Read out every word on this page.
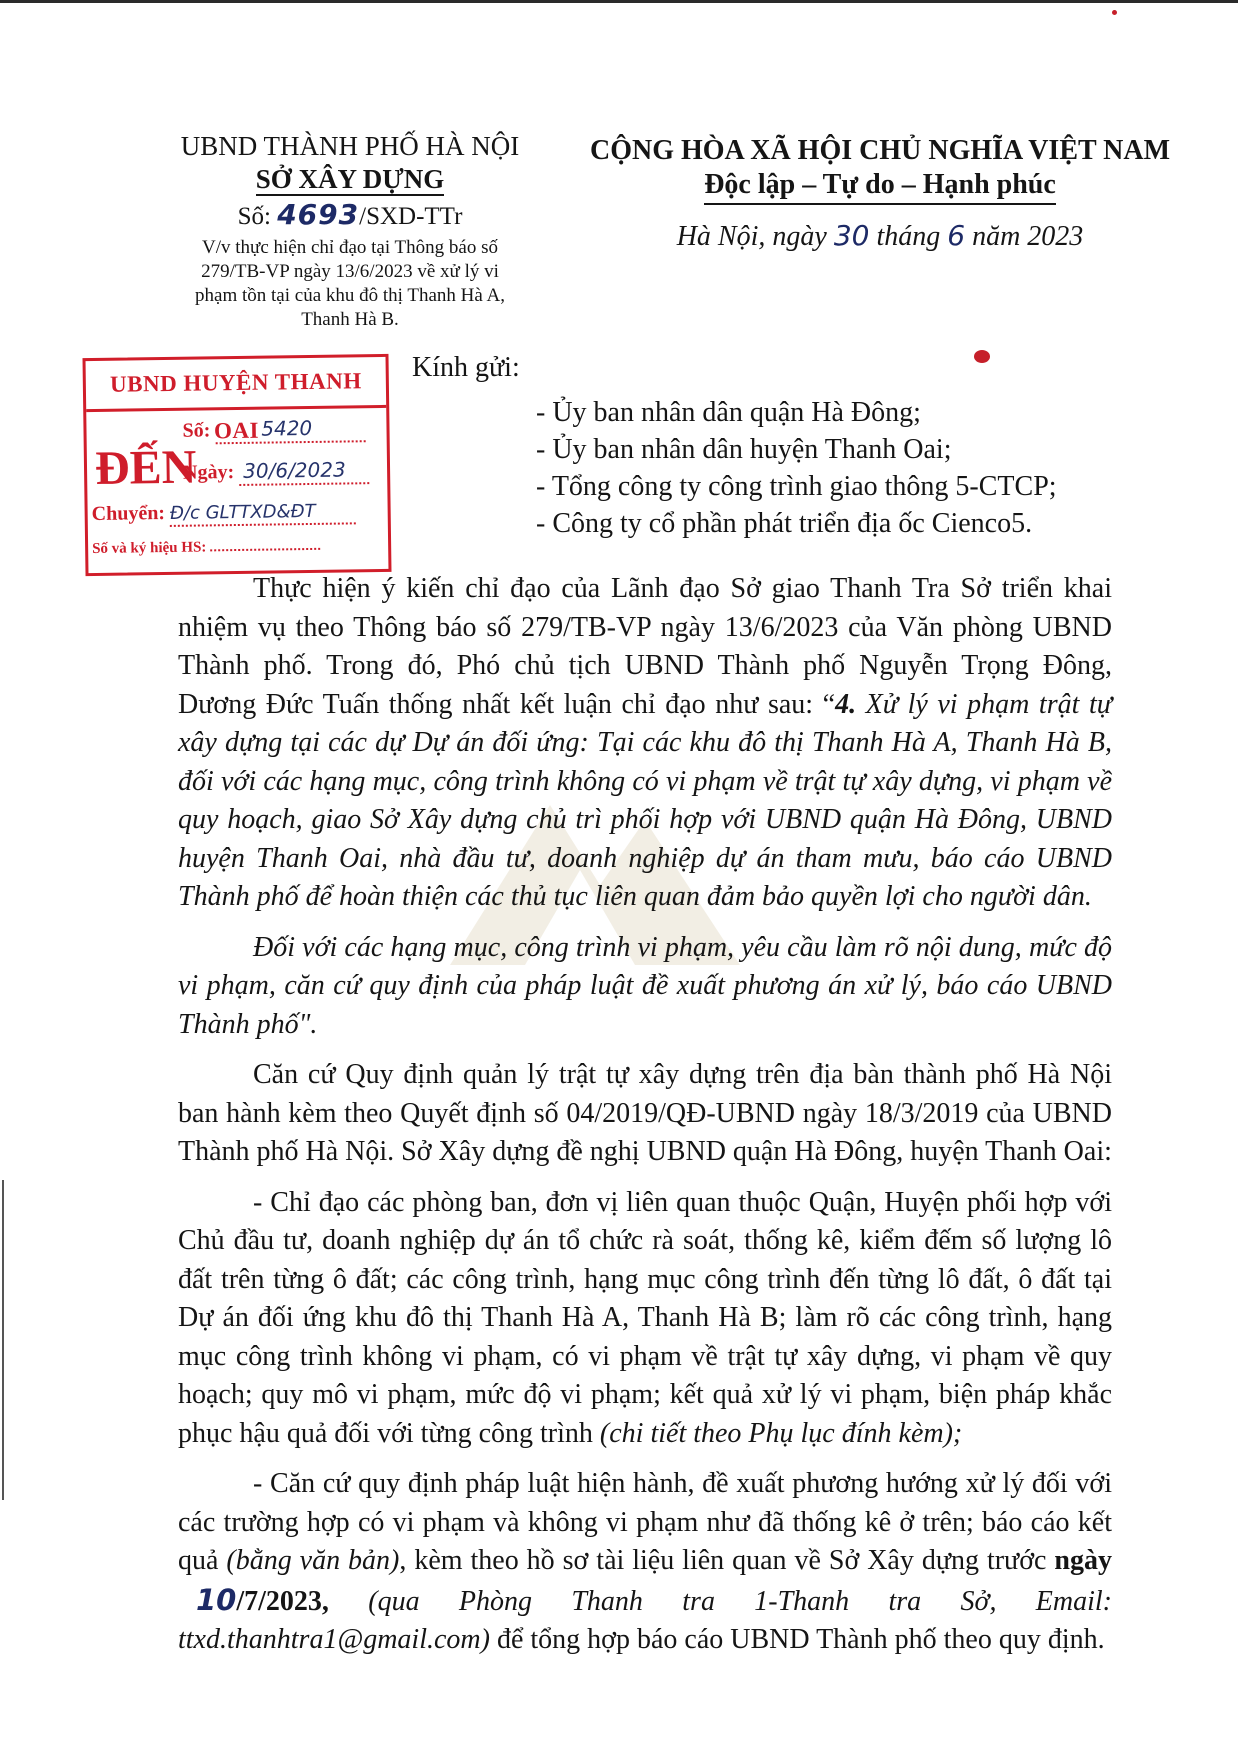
UBND THÀNH PHỐ HÀ NỘI
SỞ XÂY DỰNG
Số: 4693/SXD-TTr
V/v thực hiện chỉ đạo tại Thông báo số
279/TB-VP ngày 13/6/2023 về xử lý vi
phạm tồn tại của khu đô thị Thanh Hà A,
Thanh Hà B.
CỘNG HÒA XÃ HỘI CHỦ NGHĨA VIỆT NAM
Độc lập – Tự do – Hạnh phúc
Hà Nội, ngày 30 tháng 6 năm 2023
UBND HUYỆN THANH OAI
ĐẾN
Số:	5420
Ngày: 30/6/2023
Chuyển: Đ/c GLTTXD&ĐT
Số và ký hiệu HS:
Kính gửi:
- Ủy ban nhân dân quận Hà Đông;
- Ủy ban nhân dân huyện Thanh Oai;
- Tổng công ty công trình giao thông 5-CTCP;
- Công ty cổ phần phát triển địa ốc Cienco5.

Thực hiện ý kiến chỉ đạo của Lãnh đạo Sở giao Thanh Tra Sở triển khai nhiệm vụ theo Thông báo số 279/TB-VP ngày 13/6/2023 của Văn phòng UBND Thành phố. Trong đó, Phó chủ tịch UBND Thành phố Nguyễn Trọng Đông, Dương Đức Tuấn thống nhất kết luận chỉ đạo như sau: “4. Xử lý vi phạm trật tự xây dựng tại các dự Dự án đối ứng: Tại các khu đô thị Thanh Hà A, Thanh Hà B, đối với các hạng mục, công trình không có vi phạm về trật tự xây dựng, vi phạm về quy hoạch, giao Sở Xây dựng chủ trì phối hợp với UBND quận Hà Đông, UBND huyện Thanh Oai, nhà đầu tư, doanh nghiệp dự án tham mưu, báo cáo UBND Thành phố để hoàn thiện các thủ tục liên quan đảm bảo quyền lợi cho người dân.

Đối với các hạng mục, công trình vi phạm, yêu cầu làm rõ nội dung, mức độ vi phạm, căn cứ quy định của pháp luật đề xuất phương án xử lý, báo cáo UBND Thành phố".

Căn cứ Quy định quản lý trật tự xây dựng trên địa bàn thành phố Hà Nội ban hành kèm theo Quyết định số 04/2019/QĐ-UBND ngày 18/3/2019 của UBND Thành phố Hà Nội. Sở Xây dựng đề nghị UBND quận Hà Đông, huyện Thanh Oai:

- Chỉ đạo các phòng ban, đơn vị liên quan thuộc Quận, Huyện phối hợp với Chủ đầu tư, doanh nghiệp dự án tổ chức rà soát, thống kê, kiểm đếm số lượng lô đất trên từng ô đất; các công trình, hạng mục công trình đến từng lô đất, ô đất tại Dự án đối ứng khu đô thị Thanh Hà A, Thanh Hà B; làm rõ các công trình, hạng mục công trình không vi phạm, có vi phạm về trật tự xây dựng, vi phạm về quy hoạch; quy mô vi phạm, mức độ vi phạm; kết quả xử lý vi phạm, biện pháp khắc phục hậu quả đối với từng công trình (chi tiết theo Phụ lục đính kèm);

- Căn cứ quy định pháp luật hiện hành, đề xuất phương hướng xử lý đối với các trường hợp có vi phạm và không vi phạm như đã thống kê ở trên; báo cáo kết quả (bằng văn bản), kèm theo hồ sơ tài liệu liên quan về Sở Xây dựng trước ngày 10/7/2023, (qua Phòng Thanh tra 1-Thanh tra Sở, Email: ttxd.thanhtra1@gmail.com) để tổng hợp báo cáo UBND Thành phố theo quy định.
